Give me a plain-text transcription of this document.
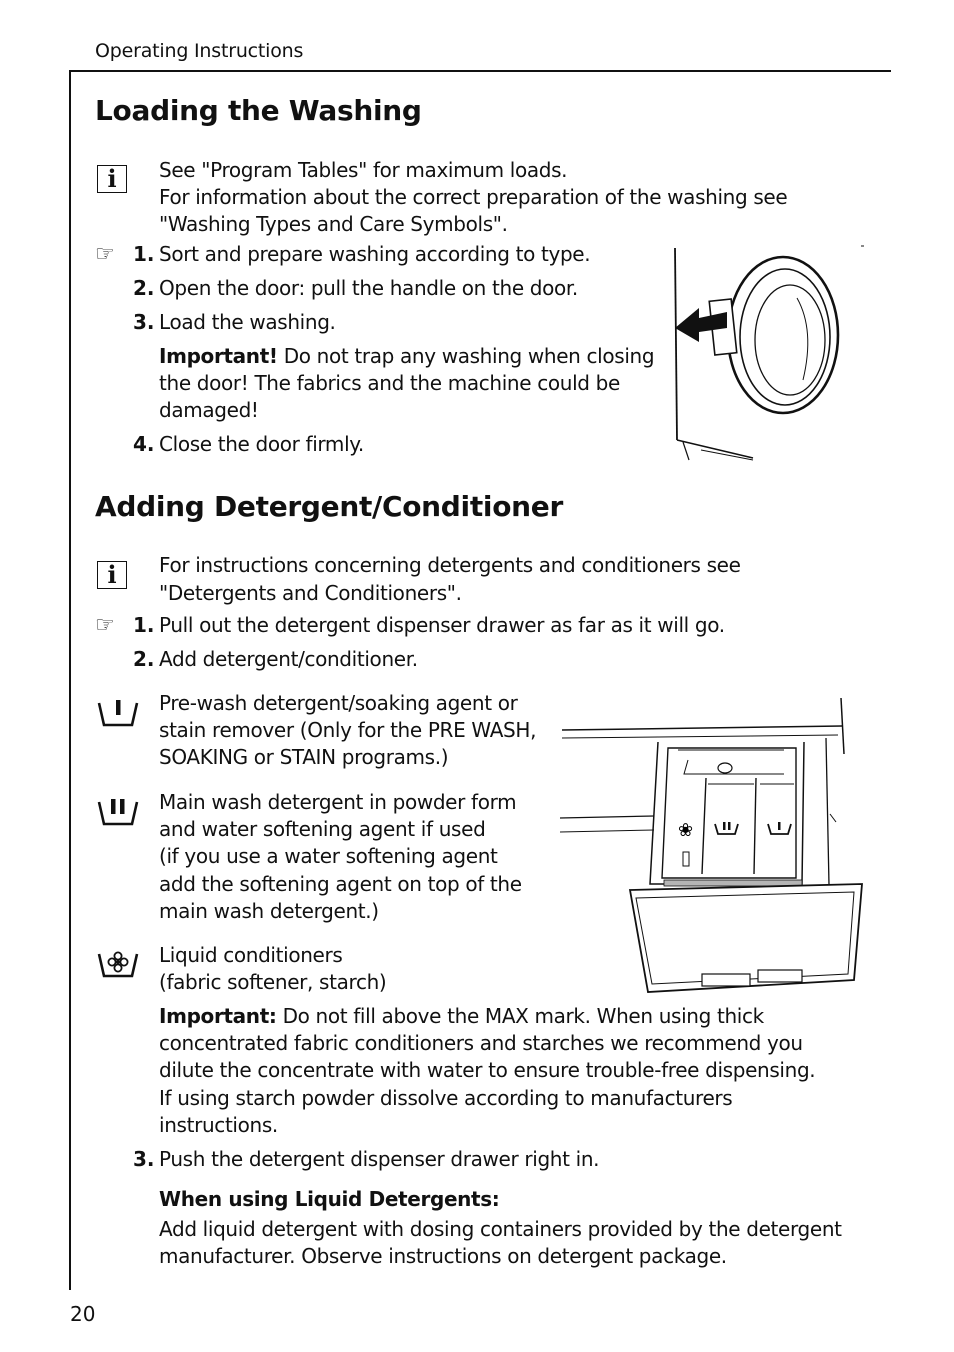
Operating Instructions
Loading the Washing
i	See "Program Tables" for maximum loads.
For information about the correct preparation of the washing see
"Washing Types and Care Symbols".
☞ 1. Sort and prepare washing according to type.
2. Open the door: pull the handle on the door.
3. Load the washing.
Important! Do not trap any washing when closing
the door! The fabrics and the machine could be
damaged!
4. Close the door firmly.
Adding Detergent/Conditioner
i	For instructions concerning detergents and conditioners see
"Detergents and Conditioners".
☞ 1. Pull out the detergent dispenser drawer as far as it will go.
2. Add detergent/conditioner.
Pre-wash detergent/soaking agent or
stain remover (Only for the PRE WASH,
SOAKING or STAIN programs.)
Main wash detergent in powder form
and water softening agent if used
(if you use a water softening agent
add the softening agent on top of the
main wash detergent.)
Liquid conditioners
(fabric softener, starch)
❀
Important: Do not fill above the MAX mark. When using thick
concentrated fabric conditioners and starches we recommend you
dilute the concentrate with water to ensure trouble-free dispensing.
If using starch powder dissolve according to manufacturers
instructions.
3. Push the detergent dispenser drawer right in.
When using Liquid Detergents:
Add liquid detergent with dosing containers provided by the detergent
manufacturer. Observe instructions on detergent package.
20
